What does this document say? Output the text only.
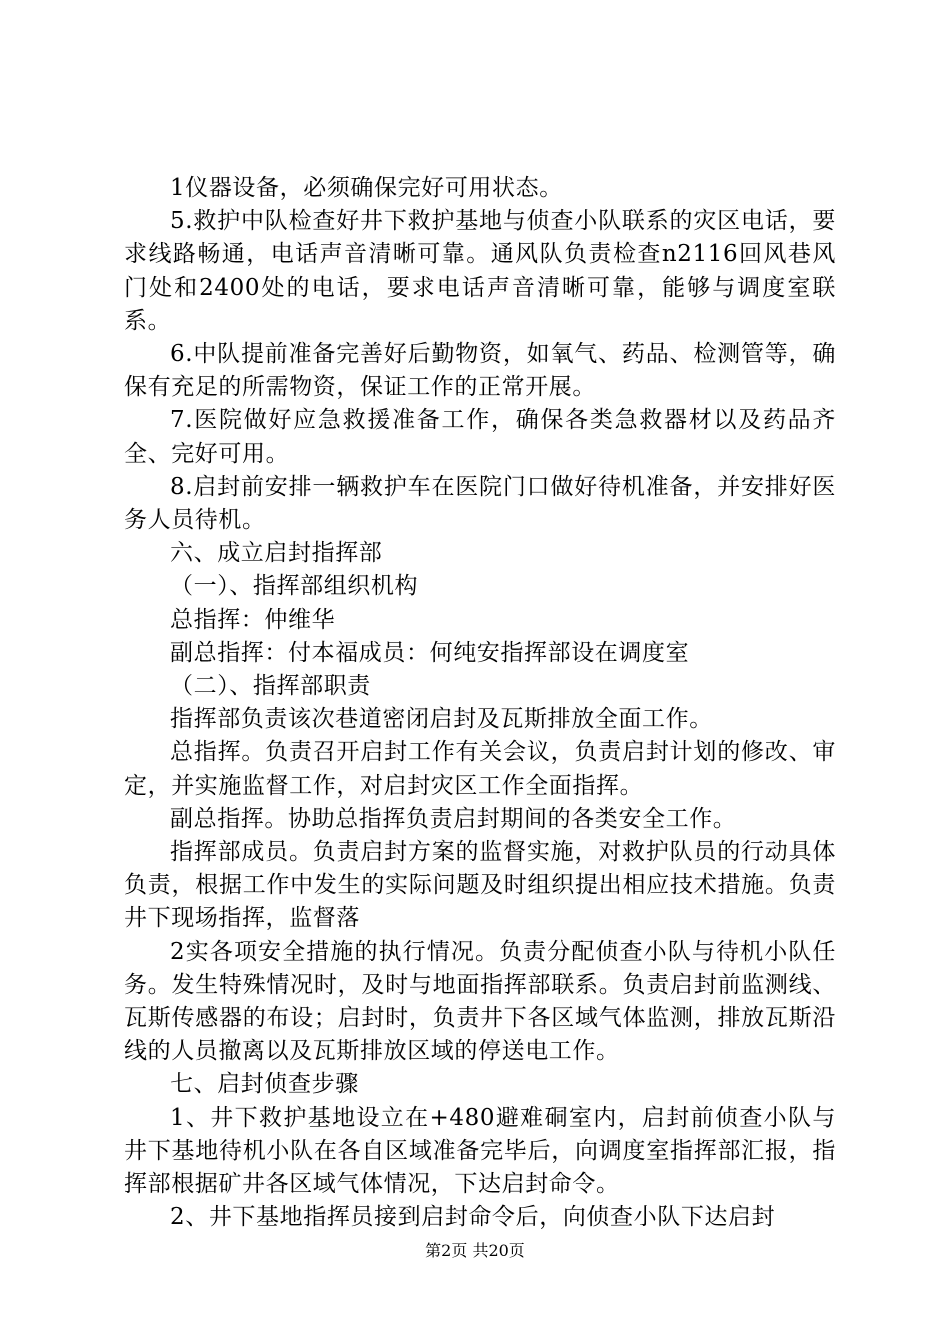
1仪器设备，必须确保完好可用状态。

5.救护中队检查好井下救护基地与侦查小队联系的灾区电话，要求线路畅通，电话声音清晰可靠。通风队负责检查n2116回风巷风门处和2400处的电话，要求电话声音清晰可靠，能够与调度室联系。

6.中队提前准备完善好后勤物资，如氧气、药品、检测管等，确保有充足的所需物资，保证工作的正常开展。

7.医院做好应急救援准备工作，确保各类急救器材以及药品齐全、完好可用。

8.启封前安排一辆救护车在医院门口做好待机准备，并安排好医务人员待机。

六、成立启封指挥部

（一）、指挥部组织机构

总指挥：仲维华

副总指挥：付本福成员：何纯安指挥部设在调度室

（二）、指挥部职责

指挥部负责该次巷道密闭启封及瓦斯排放全面工作。

总指挥。负责召开启封工作有关会议，负责启封计划的修改、审定，并实施监督工作，对启封灾区工作全面指挥。

副总指挥。协助总指挥负责启封期间的各类安全工作。

指挥部成员。负责启封方案的监督实施，对救护队员的行动具体负责，根据工作中发生的实际问题及时组织提出相应技术措施。负责井下现场指挥，监督落

2实各项安全措施的执行情况。负责分配侦查小队与待机小队任务。发生特殊情况时，及时与地面指挥部联系。负责启封前监测线、瓦斯传感器的布设；启封时，负责井下各区域气体监测，排放瓦斯沿线的人员撤离以及瓦斯排放区域的停送电工作。

七、启封侦查步骤

1、井下救护基地设立在+480避难硐室内，启封前侦查小队与井下基地待机小队在各自区域准备完毕后，向调度室指挥部汇报，指挥部根据矿井各区域气体情况，下达启封命令。

2、井下基地指挥员接到启封命令后，向侦查小队下达启封

第2页 共20页
